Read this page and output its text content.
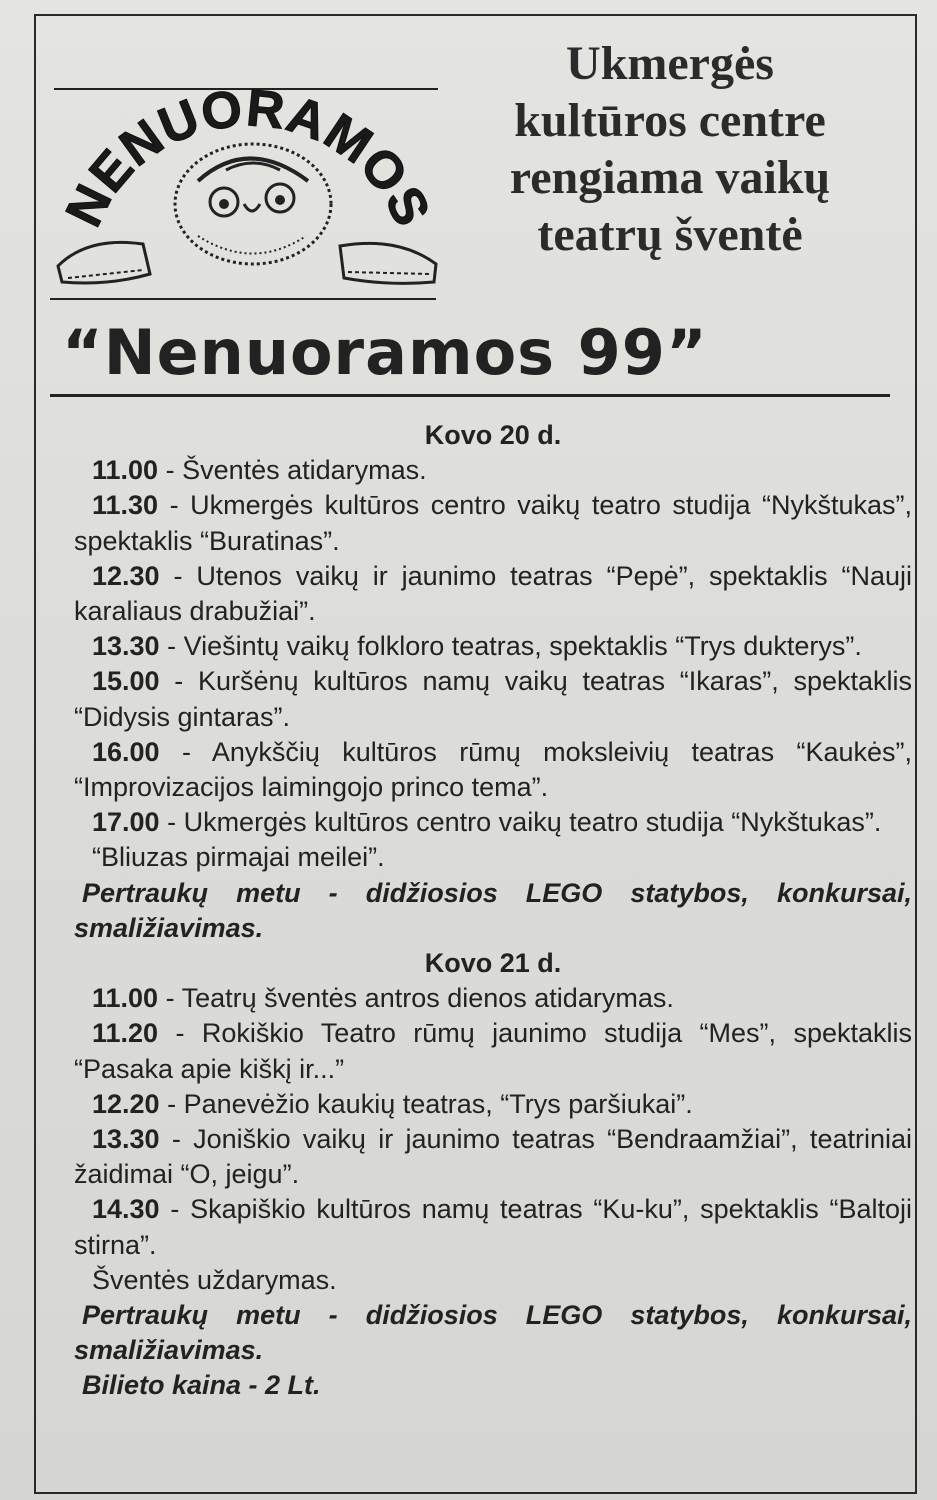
NENUORAMOS
Ukmergės
kultūros centre
rengiama vaikų
teatrų šventė
“Nenuoramos 99”
Kovo 20 d.
11.00 - Šventės atidarymas.
11.30 - Ukmergės kultūros centro vaikų teatro studija “Nykštukas”, spektaklis “Buratinas”.
12.30 - Utenos vaikų ir jaunimo teatras “Pepė”, spektaklis “Nauji karaliaus drabužiai”.
13.30 - Viešintų vaikų folkloro teatras, spektaklis “Trys dukterys”.
15.00 - Kuršėnų kultūros namų vaikų teatras “Ikaras”, spektaklis “Didysis gintaras”.
16.00 - Anykščių kultūros rūmų moksleivių teatras “Kaukės”, “Improvizacijos laimingojo princo tema”.
17.00 - Ukmergės kultūros centro vaikų teatro studija “Nykštukas”.
“Bliuzas pirmajai meilei”.
Pertraukų metu - didžiosios LEGO statybos, konkursai, smaližiavimas.
Kovo 21 d.
11.00 - Teatrų šventės antros dienos atidarymas.
11.20 - Rokiškio Teatro rūmų jaunimo studija “Mes”, spektaklis “Pasaka apie kiškį ir...”
12.20 - Panevėžio kaukių teatras, “Trys paršiukai”.
13.30 - Joniškio vaikų ir jaunimo teatras “Bendraamžiai”, teatriniai žaidimai “O, jeigu”.
14.30 - Skapiškio kultūros namų teatras “Ku-ku”, spektaklis “Baltoji stirna”.
Šventės uždarymas.
Pertraukų metu - didžiosios LEGO statybos, konkursai, smaližiavimas.
Bilieto kaina - 2 Lt.
